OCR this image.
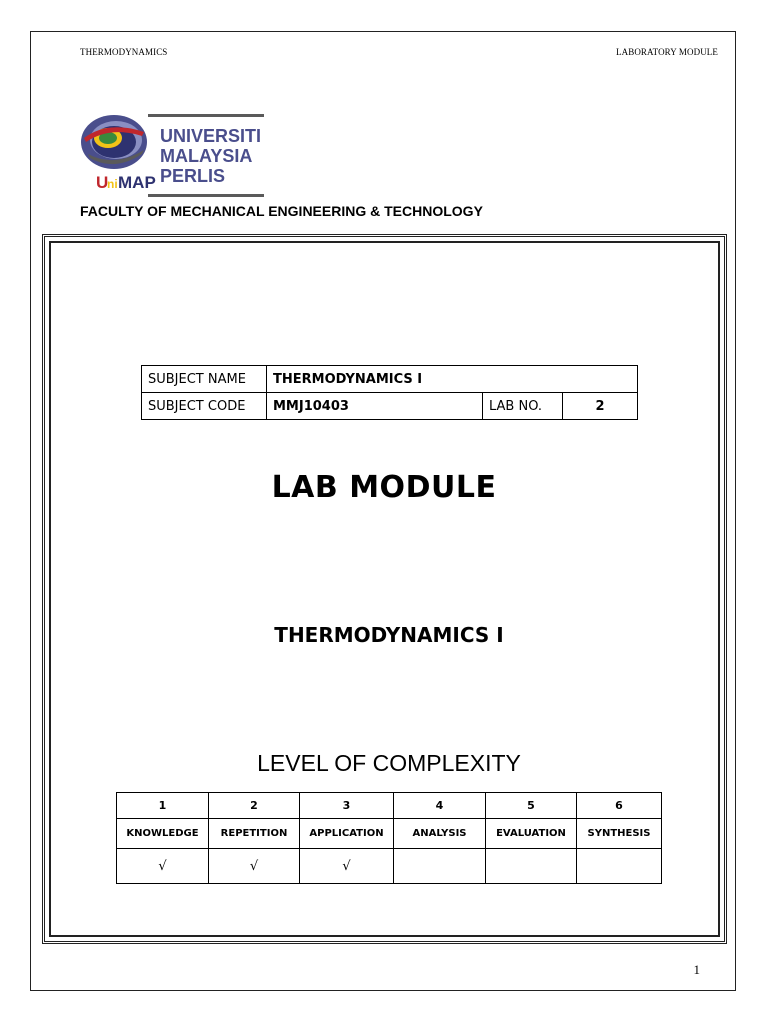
THERMODYNAMICS	LABORATORY MODULE
U
ni MAP
UNIVERSITI
MALAYSIA
PERLIS
FACULTY OF MECHANICAL ENGINEERING & TECHNOLOGY
SUBJECT NAME	THERMODYNAMICS I		
SUBJECT CODE	MMJ10403	LAB NO.	2
LAB MODULE
THERMODYNAMICS I
LEVEL OF COMPLEXITY
1	2	3	4	5	6
KNOWLEDGE	REPETITION	APPLICATION	ANALYSIS	EVALUATION	SYNTHESIS
√	√	√			
1
